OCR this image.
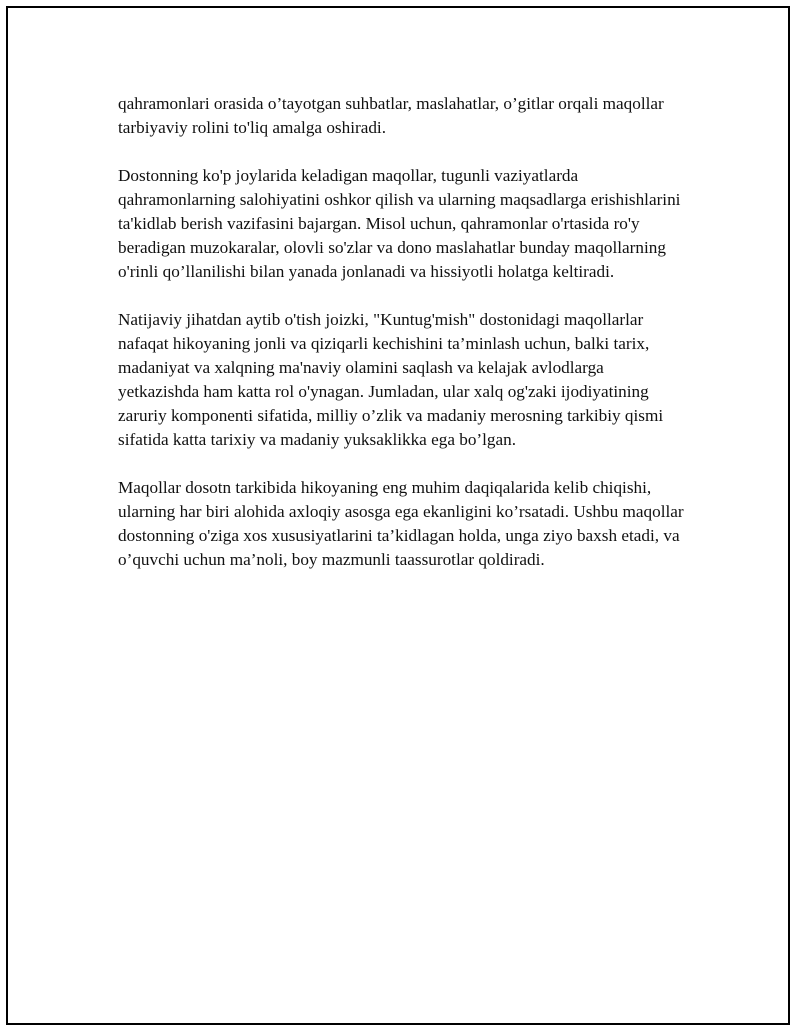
qahramonlari orasida o’tayotgan suhbatlar, maslahatlar, o’gitlar orqali maqollar tarbiyaviy rolini to'liq amalga oshiradi.

Dostonning ko'p joylarida keladigan maqollar, tugunli vaziyatlarda qahramonlarning salohiyatini oshkor qilish va ularning maqsadlarga erishishlarini ta'kidlab berish vazifasini bajargan. Misol uchun, qahramonlar o'rtasida ro'y beradigan muzokaralar, olovli so'zlar va dono maslahatlar bunday maqollarning o'rinli qo’llanilishi bilan yanada jonlanadi va hissiyotli holatga keltiradi.

Natijaviy jihatdan aytib o'tish joizki, "Kuntug'mish" dostonidagi maqollarlar nafaqat hikoyaning jonli va qiziqarli kechishini ta’minlash uchun, balki tarix, madaniyat va xalqning ma'naviy olamini saqlash va kelajak avlodlarga yetkazishda ham katta rol o'ynagan. Jumladan, ular xalq og'zaki ijodiyatining zaruriy komponenti sifatida, milliy o’zlik va madaniy merosning tarkibiy qismi sifatida katta tarixiy va madaniy yuksaklikka ega bo’lgan.

Maqollar dosotn tarkibida hikoyaning eng muhim daqiqalarida kelib chiqishi, ularning har biri alohida axloqiy asosga ega ekanligini ko’rsatadi. Ushbu maqollar dostonning o'ziga xos xususiyatlarini ta’kidlagan holda, unga ziyo baxsh etadi, va o’quvchi uchun ma’noli, boy mazmunli taassurotlar qoldiradi.
